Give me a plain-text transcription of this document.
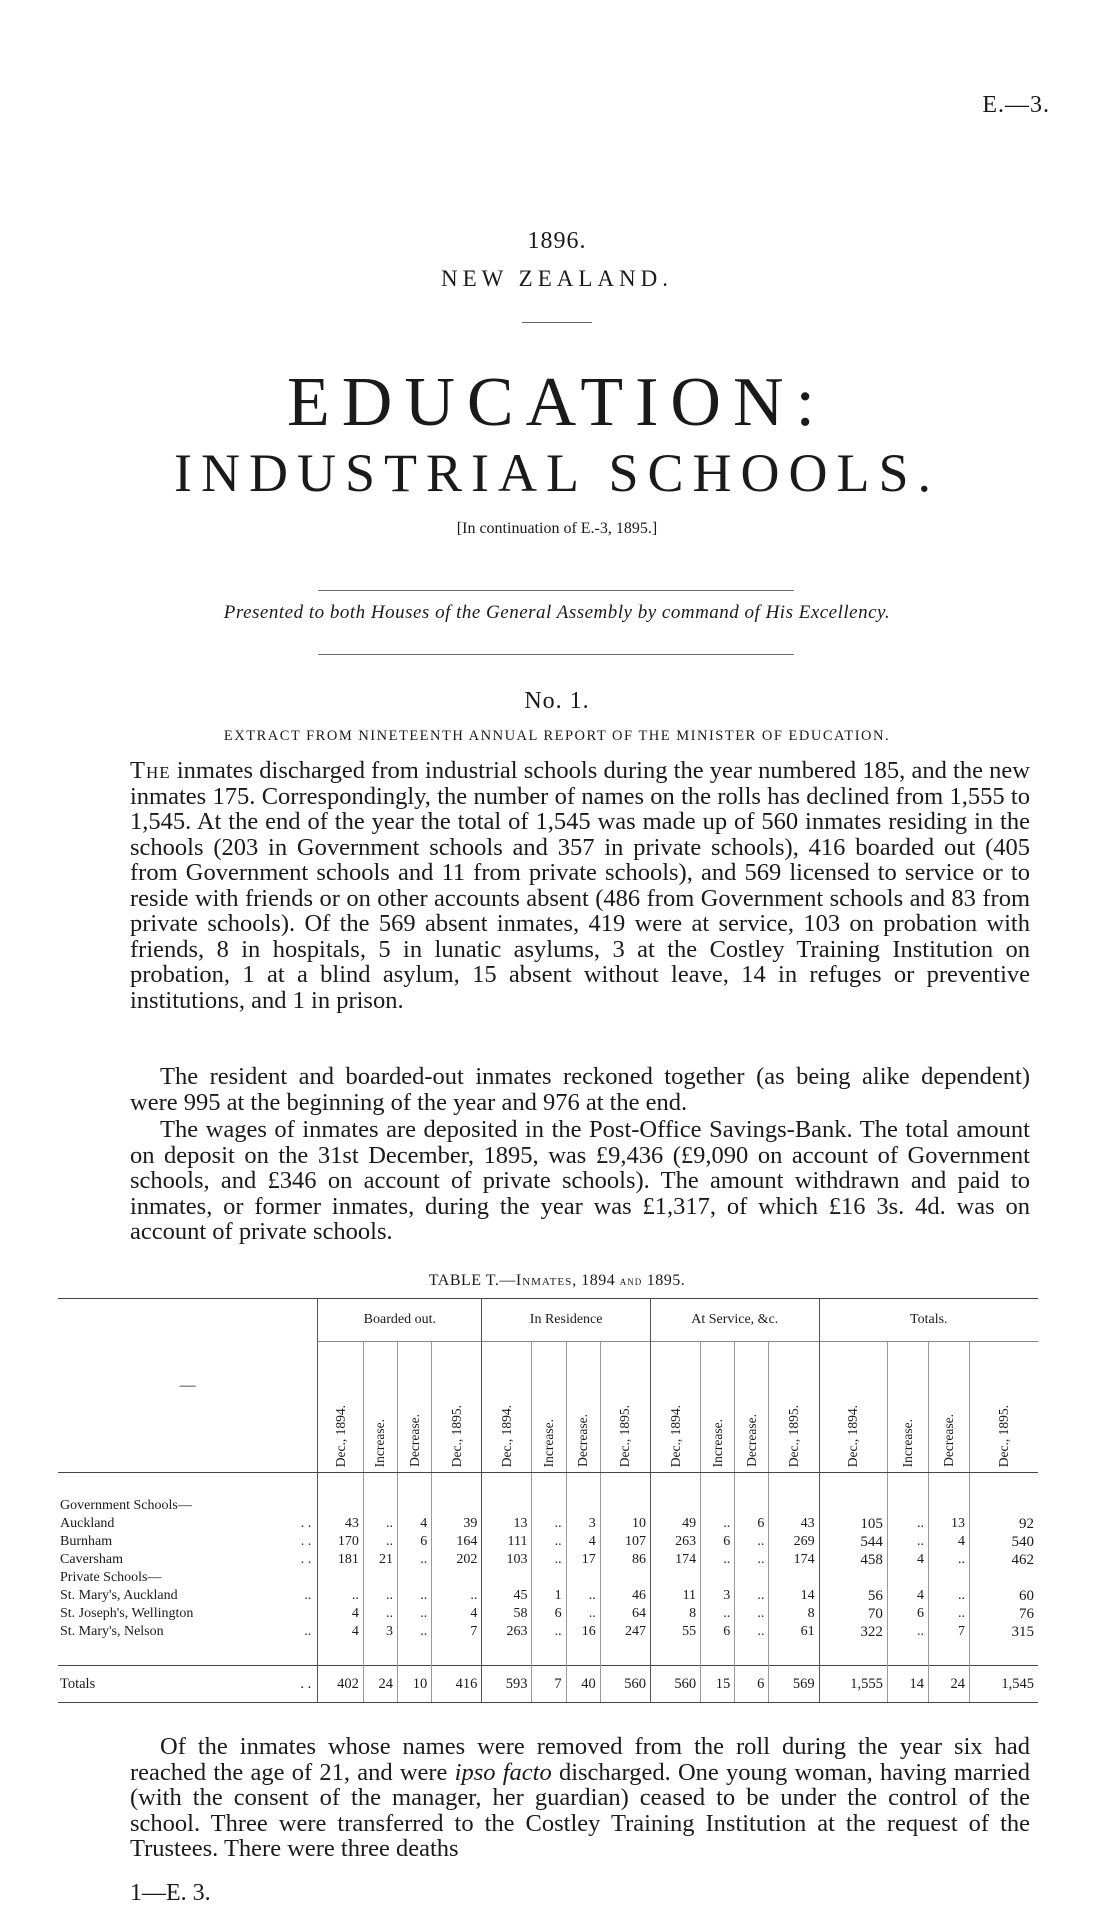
E.—3.
1896.
NEW ZEALAND.
EDUCATION:
INDUSTRIAL SCHOOLS.
[In continuation of E.-3, 1895.]
Presented to both Houses of the General Assembly by command of His Excellency.
No. 1.
EXTRACT FROM NINETEENTH ANNUAL REPORT OF THE MINISTER OF EDUCATION.
The inmates discharged from industrial schools during the year numbered 185, and the new inmates 175. Correspondingly, the number of names on the rolls has declined from 1,555 to 1,545. At the end of the year the total of 1,545 was made up of 560 inmates residing in the schools (203 in Government schools and 357 in private schools), 416 boarded out (405 from Government schools and 11 from private schools), and 569 licensed to service or to reside with friends or on other accounts absent (486 from Government schools and 83 from private schools). Of the 569 absent inmates, 419 were at service, 103 on probation with friends, 8 in hospitals, 5 in lunatic asylums, 3 at the Costley Training Institution on probation, 1 at a blind asylum, 15 absent without leave, 14 in refuges or preventive institutions, and 1 in prison.
The resident and boarded-out inmates reckoned together (as being alike dependent) were 995 at the beginning of the year and 976 at the end.
The wages of inmates are deposited in the Post-Office Savings-Bank. The total amount on deposit on the 31st December, 1895, was £9,436 (£9,090 on account of Government schools, and £346 on account of private schools). The amount withdrawn and paid to inmates, or former inmates, during the year was £1,317, of which £16 3s. 4d. was on account of private schools.
TABLE T.—Inmates, 1894 and 1895.
—	Boarded out.				In Residence				At Service, &c.				Totals.			
	Dec., 1894.	Increase.	Decrease.	Dec., 1895.	Dec., 1894.	Increase.	Decrease.	Dec., 1895.	Dec., 1894.	Increase.	Decrease.	Dec., 1895.	Dec., 1894.	Increase.	Decrease.	Dec., 1895.

Government Schools—																
Auckland . .	43	..	4	39	13	..	3	10	49	..	6	43	105	..	13	92
Burnham . .	170	..	6	164	111	..	4	107	263	6	..	269	544	..	4	540
Caversham . .	181	21	..	202	103	..	17	86	174	..	..	174	458	4	..	462
Private Schools—																
St. Mary's, Auckland ..	..	..	..	..	45	1	..	46	11	3	..	14	56	4	..	60
St. Joseph's, Wellington	4	..	..	4	58	6	..	64	8	..	..	8	70	6	..	76
St. Mary's, Nelson ..	4	3	..	7	263	..	16	247	55	6	..	61	322	..	7	315

Totals . .	402	24	10	416	593	7	40	560	560	15	6	569	1,555	14	24	1,545
Of the inmates whose names were removed from the roll during the year six had reached the age of 21, and were ipso facto discharged. One young woman, having married (with the consent of the manager, her guardian) ceased to be under the control of the school. Three were transferred to the Costley Training Institution at the request of the Trustees. There were three deaths
1—E. 3.
